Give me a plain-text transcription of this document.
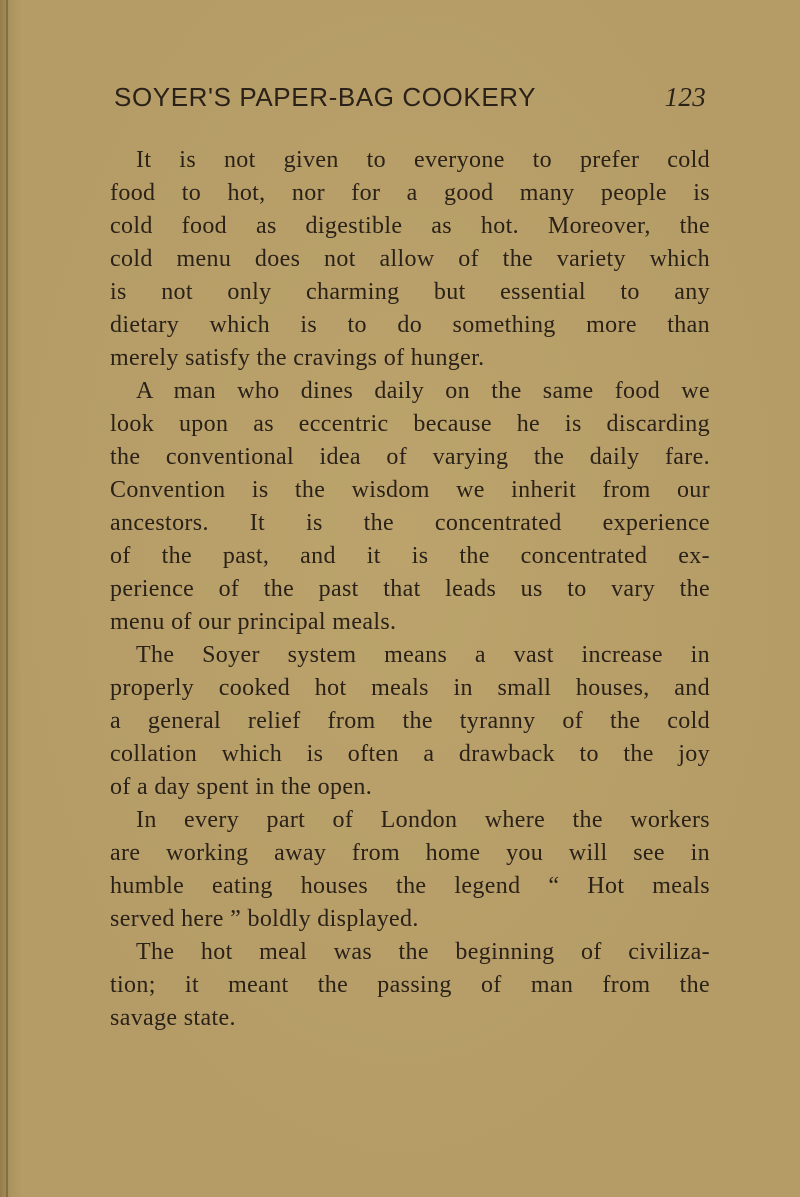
SOYER'S PAPER-BAG COOKERY	123
It is not given to everyone to prefer cold
food to hot, nor for a good many people is
cold food as digestible as hot. Moreover, the
cold menu does not allow of the variety which
is not only charming but essential to any
dietary which is to do something more than
merely satisfy the cravings of hunger.
A man who dines daily on the same food we
look upon as eccentric because he is discarding
the conventional idea of varying the daily fare.
Convention is the wisdom we inherit from our
ancestors. It is the concentrated experience
of the past, and it is the concentrated ex-
perience of the past that leads us to vary the
menu of our principal meals.
The Soyer system means a vast increase in
properly cooked hot meals in small houses, and
a general relief from the tyranny of the cold
collation which is often a drawback to the joy
of a day spent in the open.
In every part of London where the workers
are working away from home you will see in
humble eating houses the legend “ Hot meals
served here ” boldly displayed.
The hot meal was the beginning of civiliza-
tion; it meant the passing of man from the
savage state.
